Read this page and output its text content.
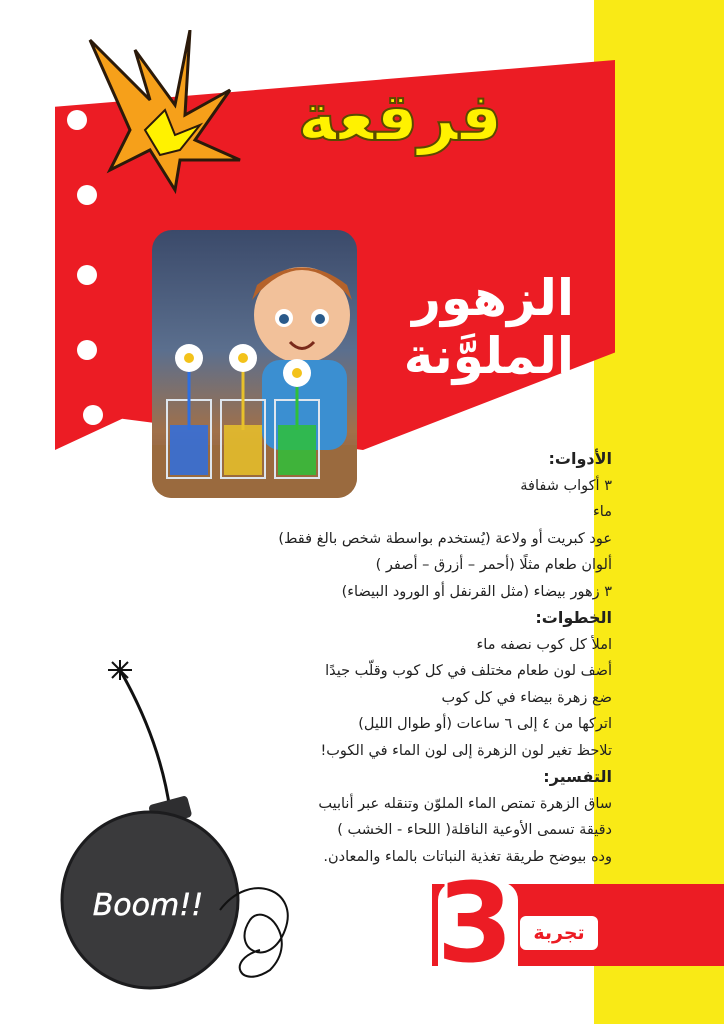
فرقعة
الزهور
الملوَّنة

الأدوات:

٣ أكواب شفافة

ماء

عود كبريت أو ولاعة (يُستخدم بواسطة شخص بالغ فقط)

ألوان طعام مثلًا (أحمر – أزرق – أصفر )

٣ زهور بيضاء (مثل القرنفل أو الورود البيضاء)

الخطوات:

املأ كل كوب نصفه ماء

أضف لون طعام مختلف في كل كوب وقلّب جيدًا

ضع زهرة بيضاء في كل كوب

اتركها من ٤ إلى ٦ ساعات (أو طوال الليل)

تلاحظ تغير لون الزهرة إلى لون الماء في الكوب!

التفسير:

ساق الزهرة تمتص الماء الملوّن وتنقله عبر أنابيب

دقيقة تسمى الأوعية الناقلة( اللحاء - الخشب )

وده بيوضح طريقة تغذية النباتات بالماء والمعادن.

Boom!! 3	تجربة
